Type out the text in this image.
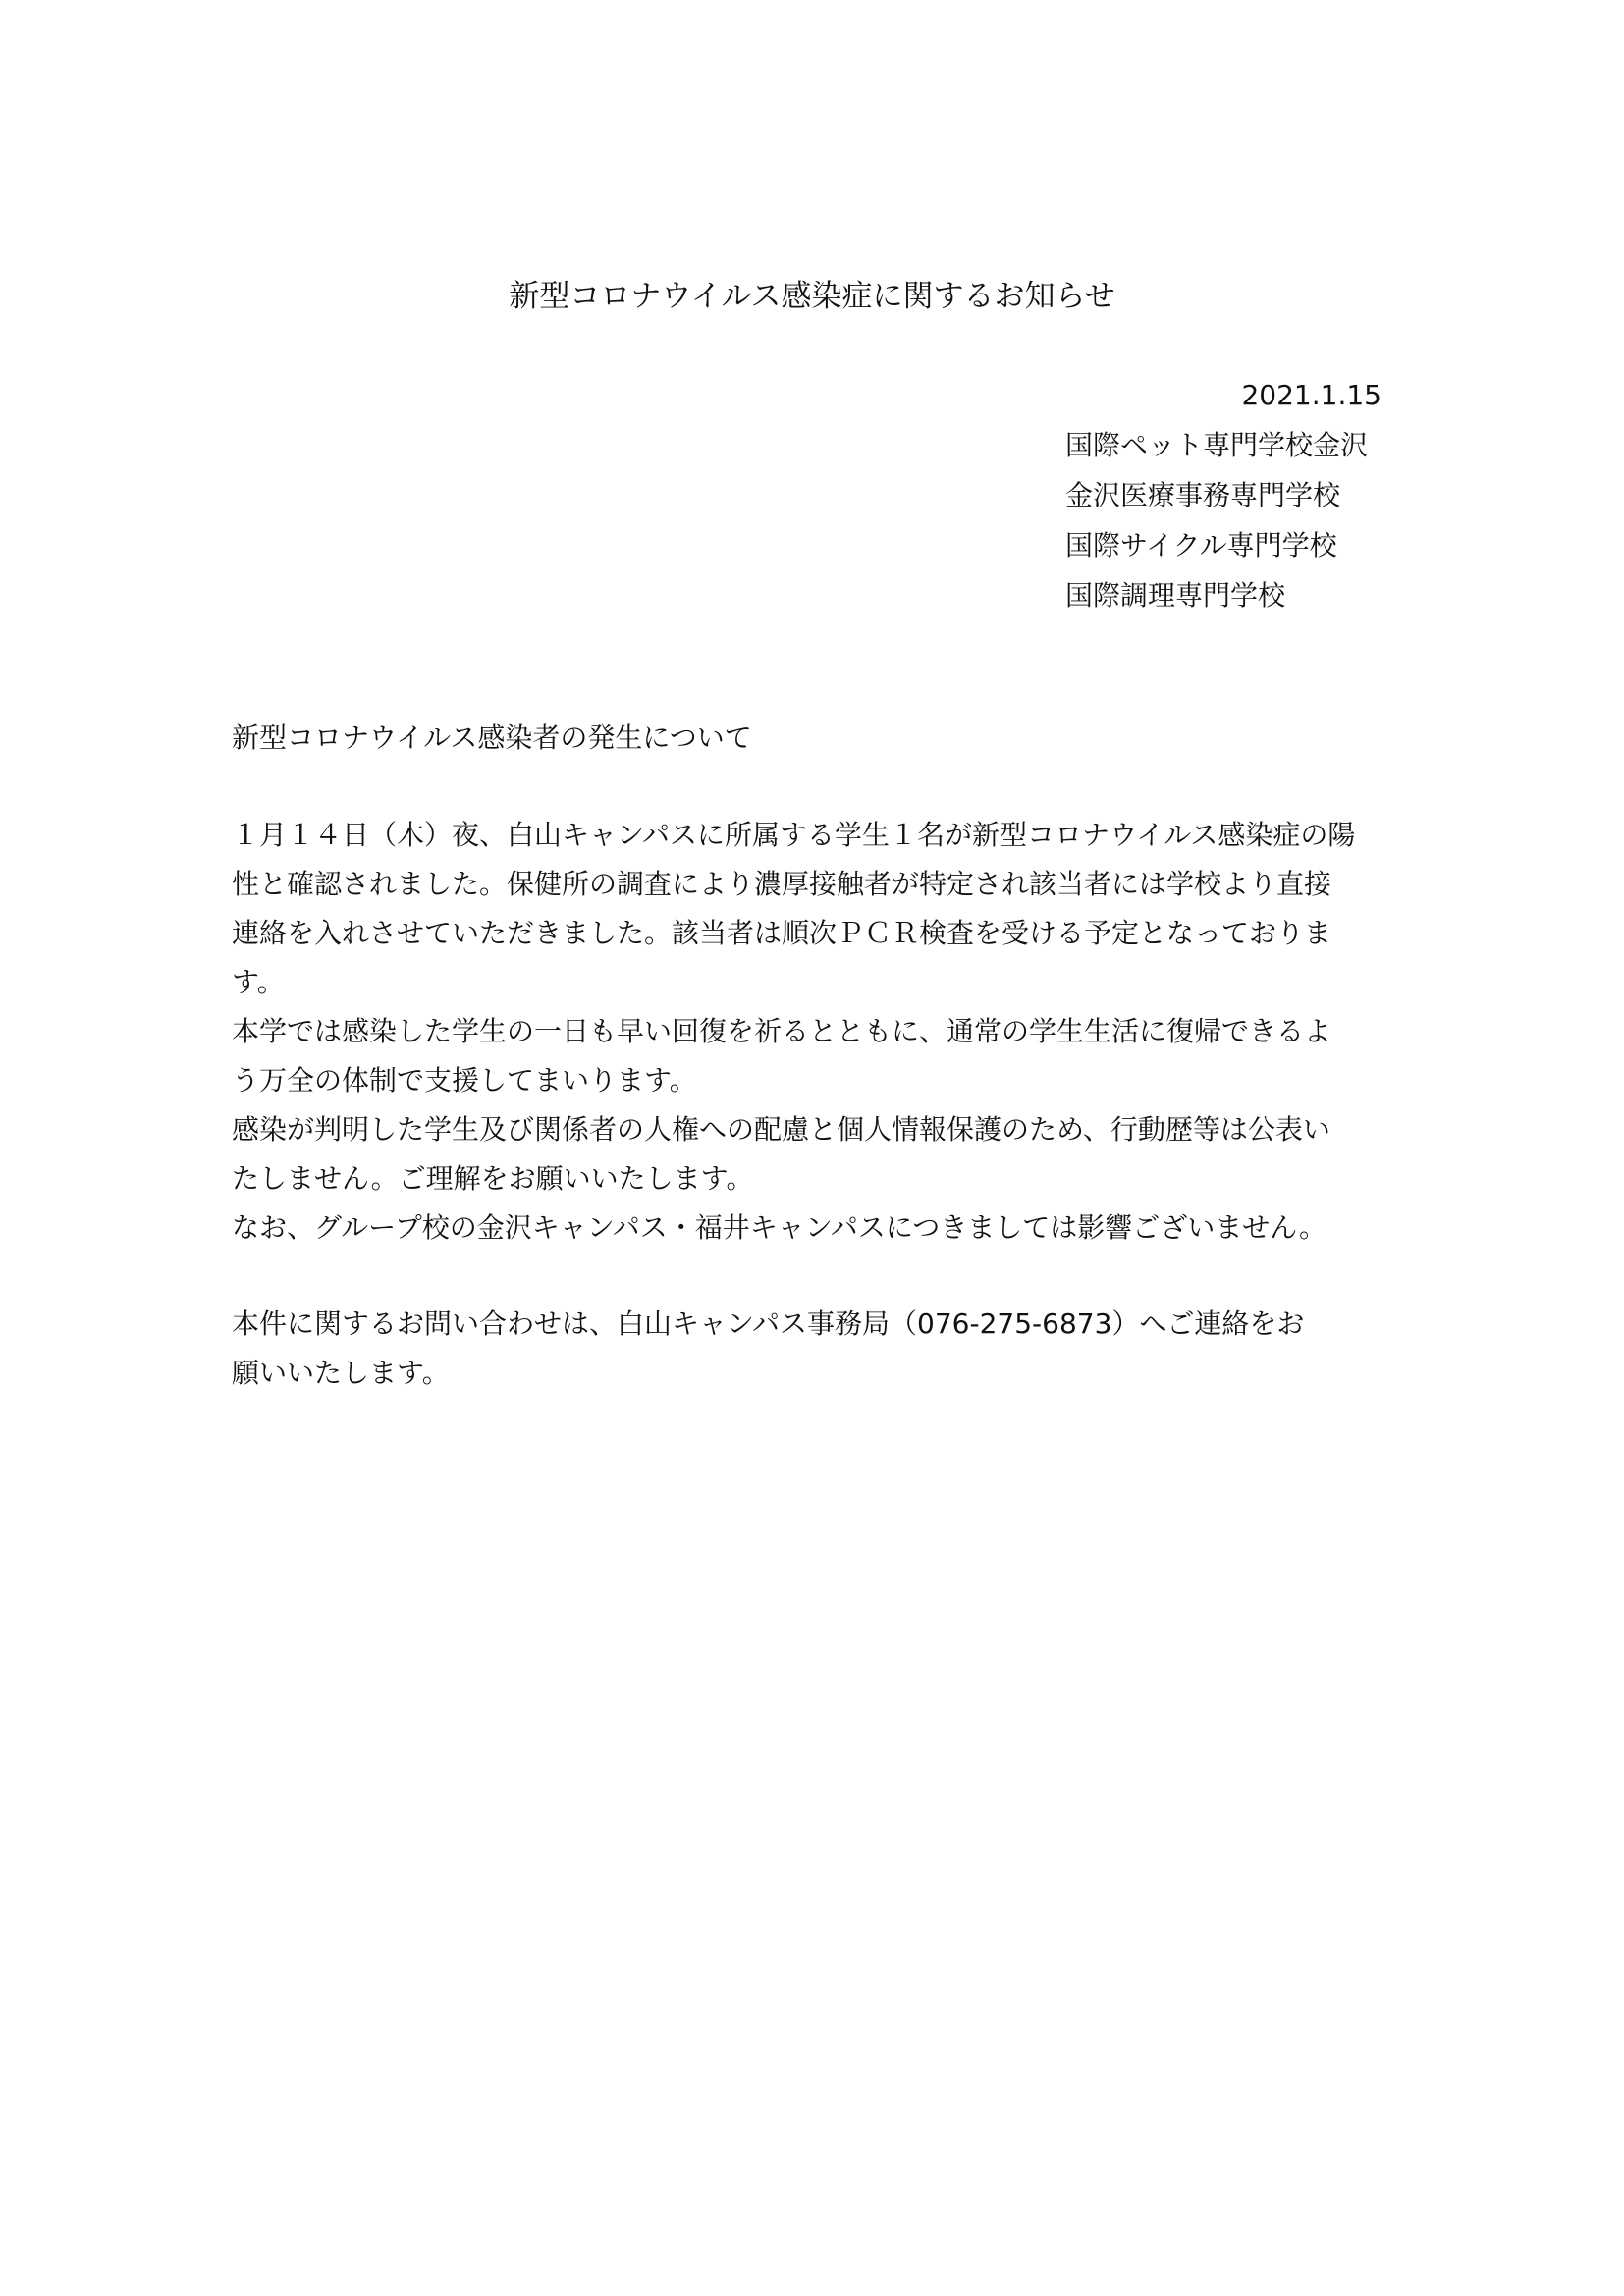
新型コロナウイルス感染症に関するお知らせ
2021.1.15
国際ペット専門学校金沢
金沢医療事務専門学校
国際サイクル専門学校
国際調理専門学校
新型コロナウイルス感染者の発生について
１月１４日（木）夜、白山キャンパスに所属する学生１名が新型コロナウイルス感染症の陽
性と確認されました。保健所の調査により濃厚接触者が特定され該当者には学校より直接
連絡を入れさせていただきました。該当者は順次ＰＣＲ検査を受ける予定となっておりま
す。
本学では感染した学生の一日も早い回復を祈るとともに、通常の学生生活に復帰できるよ
う万全の体制で支援してまいります。
感染が判明した学生及び関係者の人権への配慮と個人情報保護のため、行動歴等は公表い
たしません。ご理解をお願いいたします。
なお、グループ校の金沢キャンパス・福井キャンパスにつきましては影響ございません。
本件に関するお問い合わせは、白山キャンパス事務局（076-275-6873）へご連絡をお
願いいたします。
